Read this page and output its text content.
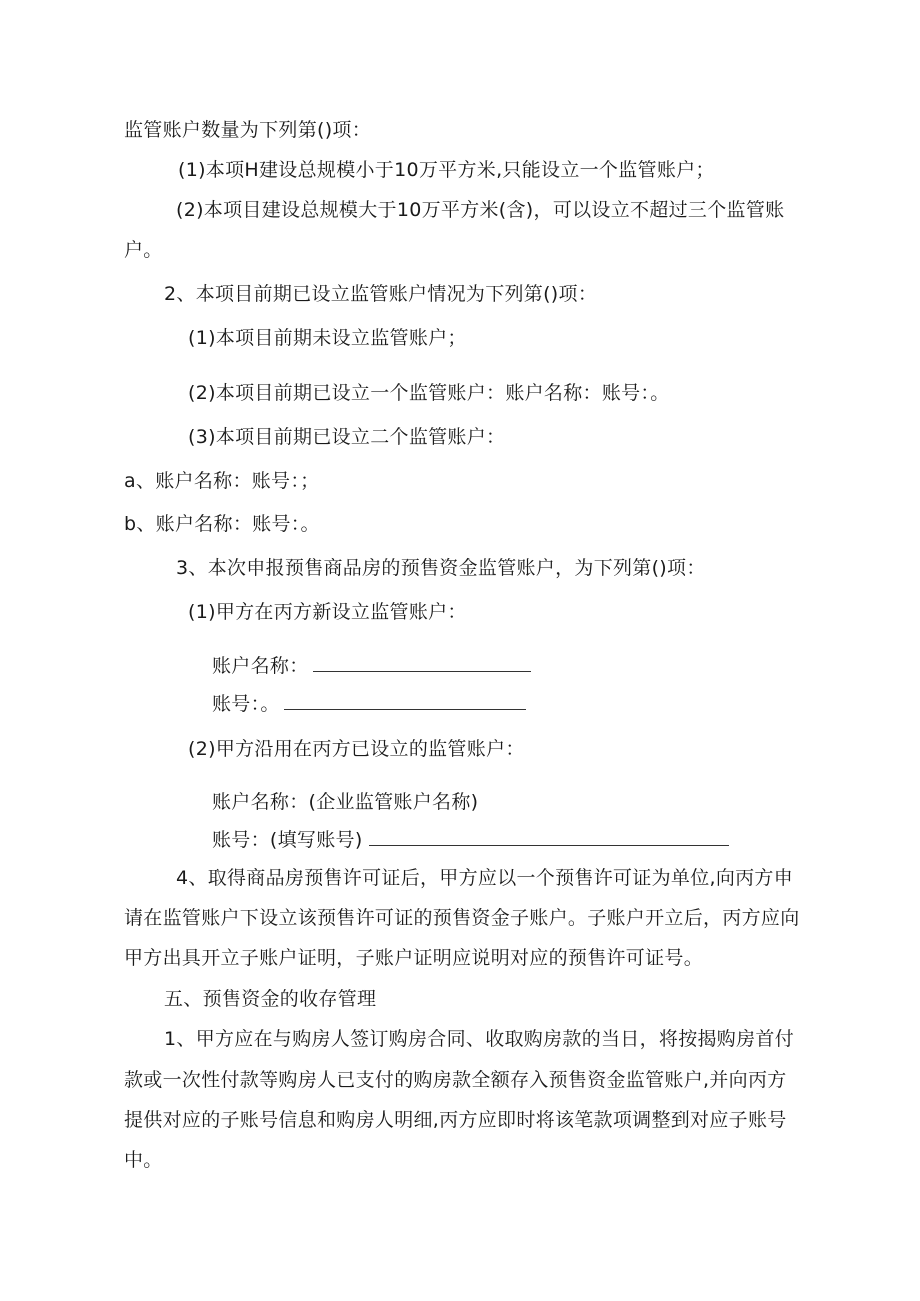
监管账户数量为下列第()项：
(1)本项H建设总规模小于10万平方米,只能设立一个监管账户；
(2)本项目建设总规模大于10万平方米(含)，可以设立不超过三个监管账
户。
2、本项目前期已设立监管账户情况为下列第()项：
(1)本项目前期未设立监管账户；
(2)本项目前期已设立一个监管账户：账户名称：账号：。
(3)本项目前期已设立二个监管账户：
a、账户名称：账号：；
b、账户名称：账号：。
3、本次申报预售商品房的预售资金监管账户，为下列第()项：
(1)甲方在丙方新设立监管账户：
账户名称：
账号：。
(2)甲方沿用在丙方已设立的监管账户：
账户名称：(企业监管账户名称)
账号：(填写账号)
4、取得商品房预售许可证后，甲方应以一个预售许可证为单位,向丙方申
请在监管账户下设立该预售许可证的预售资金子账户。子账户开立后，丙方应向
甲方出具开立子账户证明，子账户证明应说明对应的预售许可证号。
五、预售资金的收存管理
1、甲方应在与购房人签订购房合同、收取购房款的当日，将按揭购房首付
款或一次性付款等购房人已支付的购房款全额存入预售资金监管账户,并向丙方
提供对应的子账号信息和购房人明细,丙方应即时将该笔款项调整到对应子账号
中。
